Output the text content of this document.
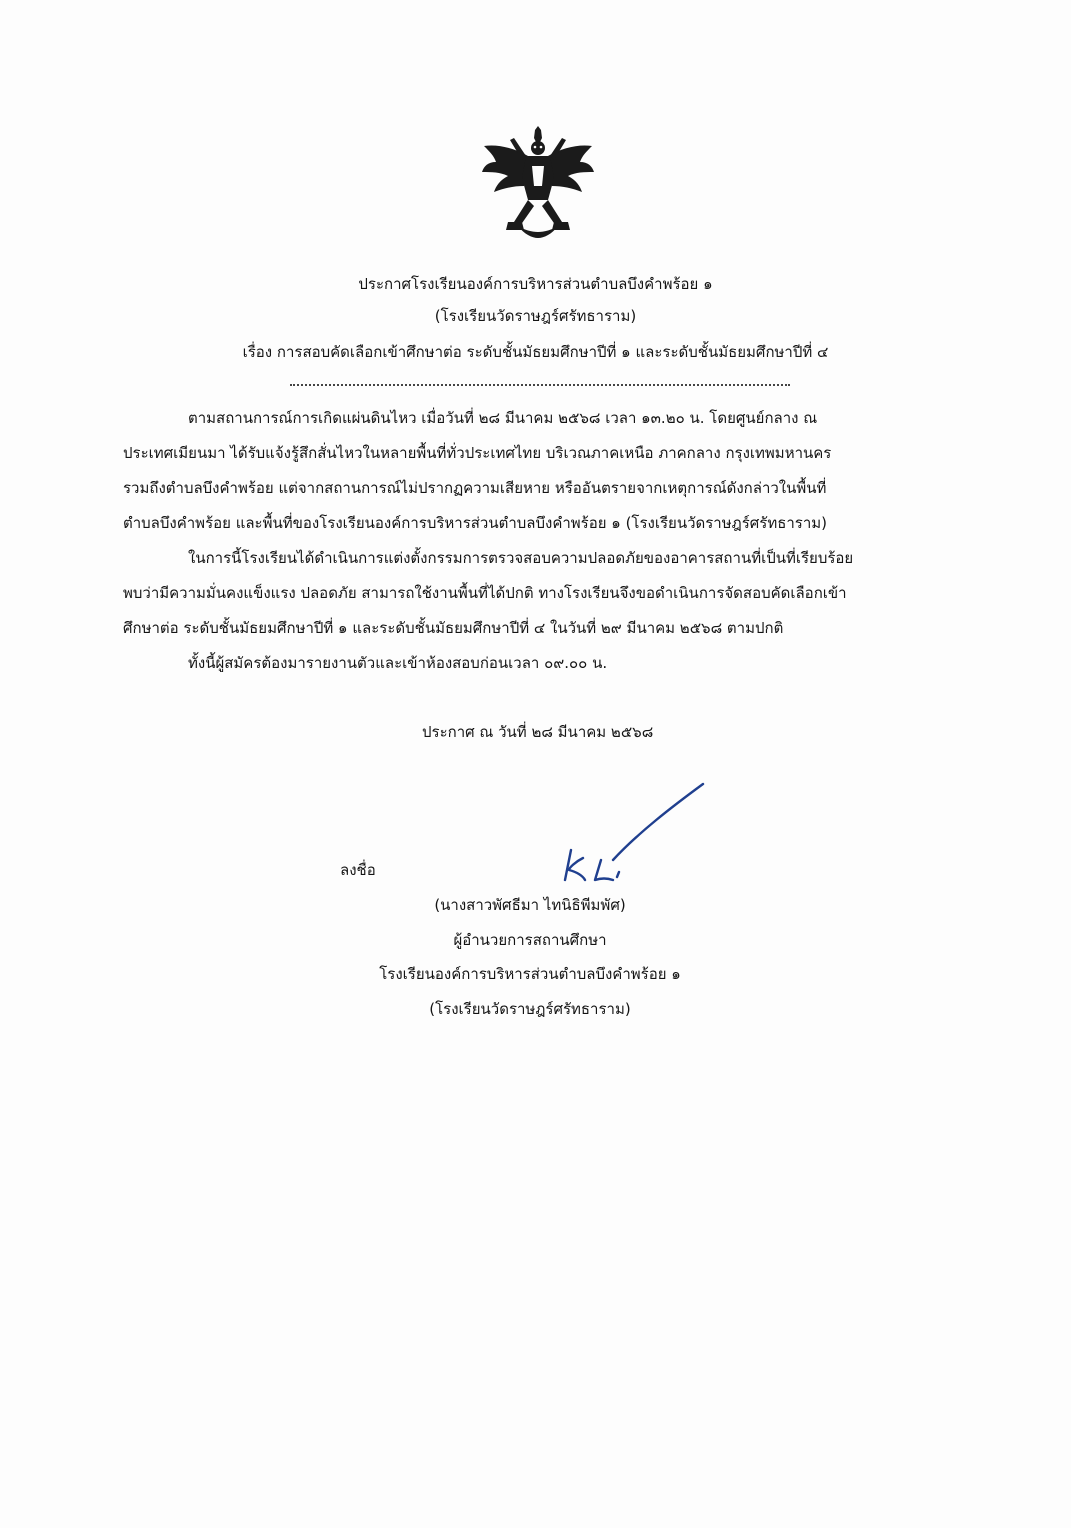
ประกาศโรงเรียนองค์การบริหารส่วนตำบลบึงคำพร้อย ๑
(โรงเรียนวัดราษฎร์ศรัทธาราม)
เรื่อง การสอบคัดเลือกเข้าศึกษาต่อ ระดับชั้นมัธยมศึกษาปีที่ ๑ และระดับชั้นมัธยมศึกษาปีที่ ๔
ตามสถานการณ์การเกิดแผ่นดินไหว เมื่อวันที่ ๒๘ มีนาคม ๒๕๖๘ เวลา ๑๓.๒๐ น. โดยศูนย์กลาง ณ
ประเทศเมียนมา ได้รับแจ้งรู้สึกสั่นไหวในหลายพื้นที่ทั่วประเทศไทย บริเวณภาคเหนือ ภาคกลาง กรุงเทพมหานคร
รวมถึงตำบลบึงคำพร้อย แต่จากสถานการณ์ไม่ปรากฏความเสียหาย หรืออันตรายจากเหตุการณ์ดังกล่าวในพื้นที่
ตำบลบึงคำพร้อย และพื้นที่ของโรงเรียนองค์การบริหารส่วนตำบลบึงคำพร้อย ๑ (โรงเรียนวัดราษฎร์ศรัทธาราม)
ในการนี้โรงเรียนได้ดำเนินการแต่งตั้งกรรมการตรวจสอบความปลอดภัยของอาคารสถานที่เป็นที่เรียบร้อย
พบว่ามีความมั่นคงแข็งแรง ปลอดภัย สามารถใช้งานพื้นที่ได้ปกติ ทางโรงเรียนจึงขอดำเนินการจัดสอบคัดเลือกเข้า
ศึกษาต่อ ระดับชั้นมัธยมศึกษาปีที่ ๑ และระดับชั้นมัธยมศึกษาปีที่ ๔ ในวันที่ ๒๙ มีนาคม ๒๕๖๘ ตามปกติ
ทั้งนี้ผู้สมัครต้องมารายงานตัวและเข้าห้องสอบก่อนเวลา ๐๙.๐๐ น.
ประกาศ ณ วันที่ ๒๘ มีนาคม ๒๕๖๘
ลงชื่อ
(นางสาวพัศธีมา ไทนิธิพีมพัศ)
ผู้อำนวยการสถานศึกษา
โรงเรียนองค์การบริหารส่วนตำบลบึงคำพร้อย ๑
(โรงเรียนวัดราษฎร์ศรัทธาราม)
